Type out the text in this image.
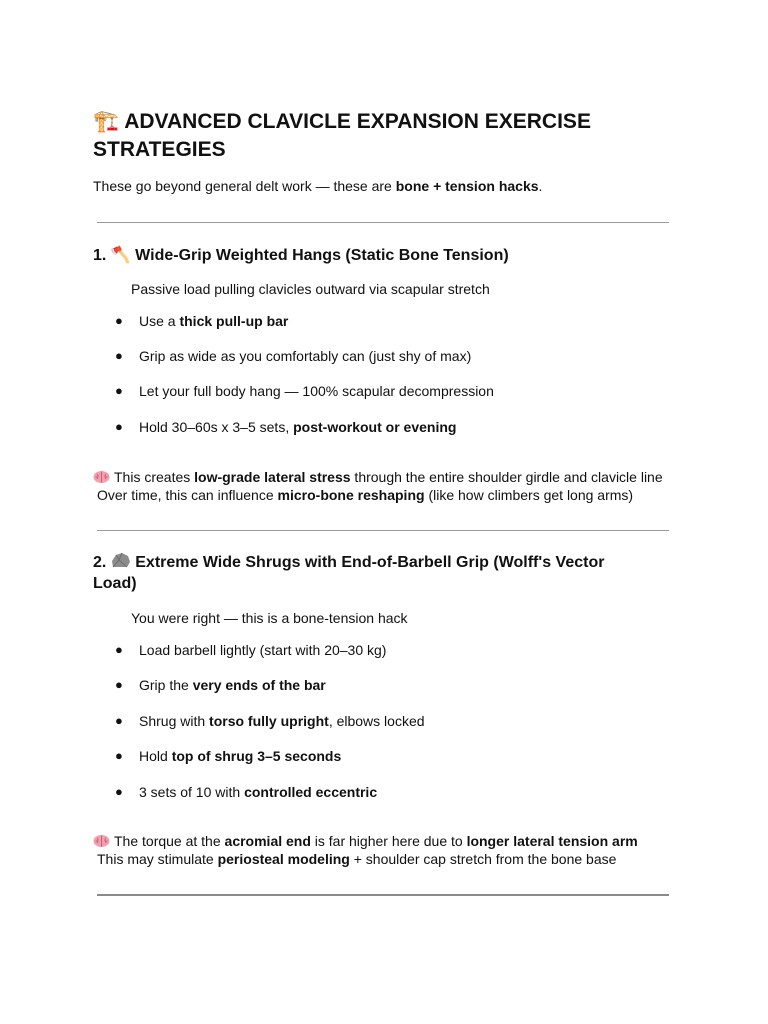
🏗️ ADVANCED CLAVICLE EXPANSION EXERCISE
STRATEGIES

These go beyond general delt work — these are bone + tension hacks.

1. 🪓 Wide-Grip Weighted Hangs (Static Bone Tension)

Passive load pulling clavicles outward via scapular stretch

● Use a thick pull-up bar
● Grip as wide as you comfortably can (just shy of max)
● Let your full body hang — 100% scapular decompression
● Hold 30–60s x 3–5 sets, post-workout or evening

This creates low-grade lateral stress through the entire shoulder girdle and clavicle line

Over time, this can influence micro-bone reshaping (like how climbers get long arms)

2. Extreme Wide Shrugs with End-of-Barbell Grip (Wolff's Vector
Load)

You were right — this is a bone-tension hack

● Load barbell lightly (start with 20–30 kg)
● Grip the very ends of the bar
● Shrug with torso fully upright, elbows locked
● Hold top of shrug 3–5 seconds
● 3 sets of 10 with controlled eccentric

The torque at the acromial end is far higher here due to longer lateral tension arm

This may stimulate periosteal modeling + shoulder cap stretch from the bone base
